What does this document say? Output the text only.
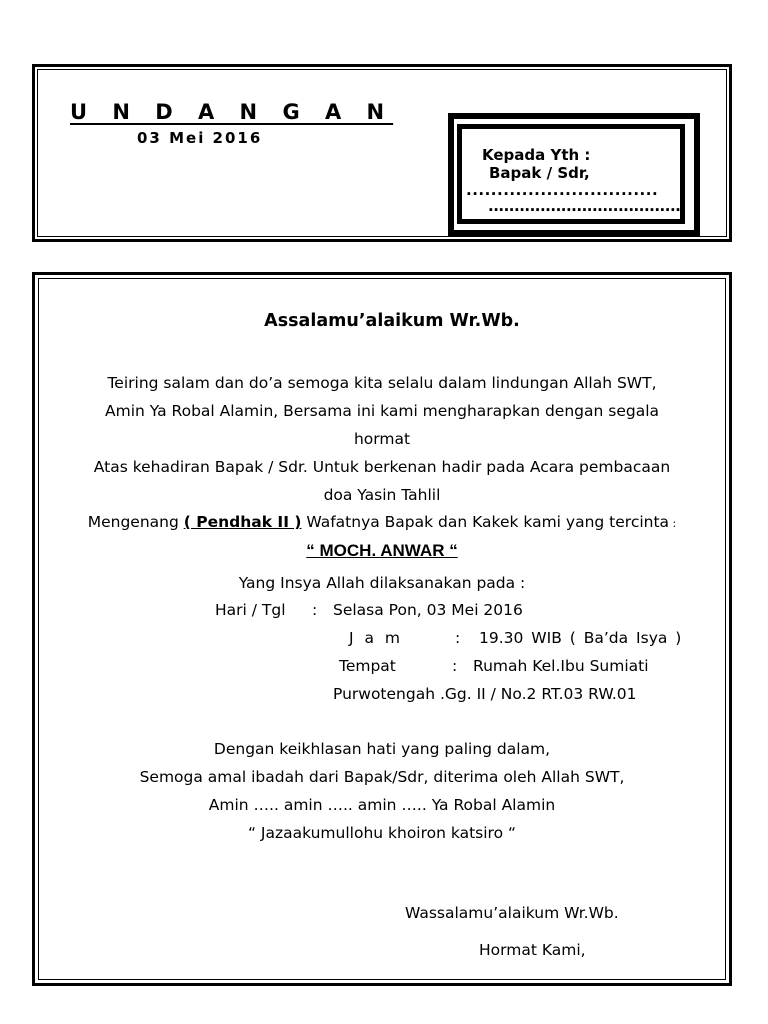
U N D A N G A N
03 Mei 2016
Kepada Yth :
Bapak / Sdr,
...............................
......................................
Assalamu’alaikum Wr.Wb.
Teiring salam dan do’a semoga kita selalu dalam lindungan Allah SWT,
Amin Ya Robal Alamin, Bersama ini kami mengharapkan dengan segala
hormat
Atas kehadiran Bapak / Sdr. Untuk berkenan hadir pada Acara pembacaan
doa Yasin Tahlil
Mengenang ( Pendhak II ) Wafatnya Bapak dan Kakek kami yang tercinta :
“ MOCH. ANWAR “
Yang Insya Allah dilaksanakan pada :
Hari / Tgl : Selasa Pon, 03 Mei 2016
J a m	: 19.30 WIB ( Ba’da Isya )
Tempat	: Rumah Kel.Ibu Sumiati
Purwotengah .Gg. II / No.2 RT.03 RW.01
Dengan keikhlasan hati yang paling dalam,
Semoga amal ibadah dari Bapak/Sdr, diterima oleh Allah SWT,
Amin ….. amin ….. amin ….. Ya Robal Alamin
“ Jazaakumullohu khoiron katsiro “
Wassalamu’alaikum Wr.Wb.
Hormat Kami,
